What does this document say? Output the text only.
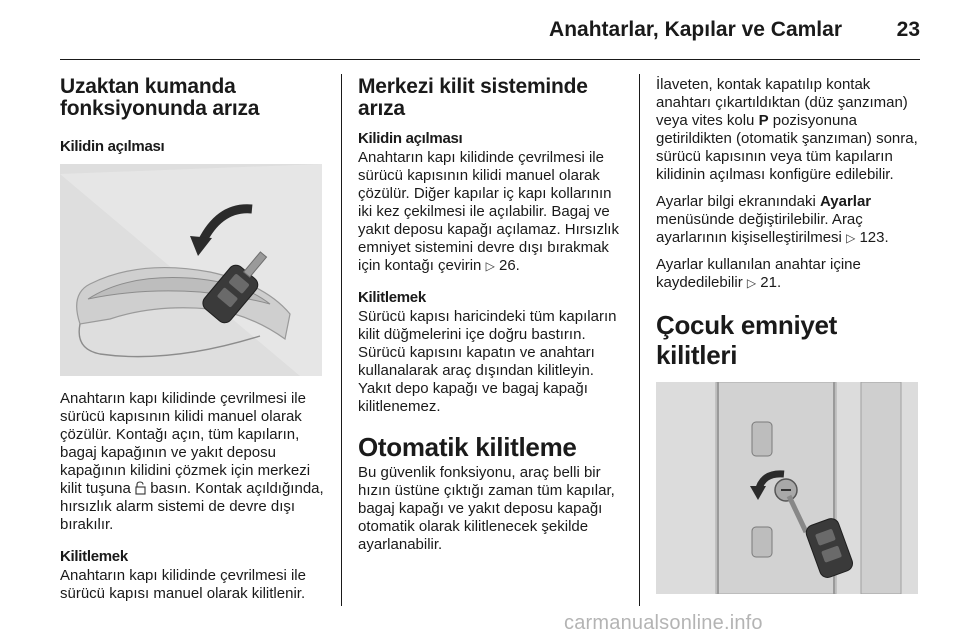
Anahtarlar, Kapılar ve Camlar	23
Uzaktan kumanda fonksiyonunda arıza
Kilidin açılması

Anahtarın kapı kilidinde çevrilmesi ile sürücü kapısının kilidi manuel olarak çözülür. Kontağı açın, tüm kapıların, bagaj kapağının ve yakıt deposu kapağının kilidini çözmek için merkezi kilit tuşuna basın. Kontak açıldığında, hırsızlık alarm sistemi de devre dışı bırakılır.

Kilitlemek

Anahtarın kapı kilidinde çevrilmesi ile sürücü kapısı manuel olarak kilitlenir.

Merkezi kilit sisteminde arıza
Kilidin açılması

Anahtarın kapı kilidinde çevrilmesi ile sürücü kapısının kilidi manuel olarak çözülür. Diğer kapılar iç kapı kollarının iki kez çekilmesi ile açılabilir. Bagaj ve yakıt deposu kapağı açılamaz. Hırsızlık emniyet sistemini devre dışı bırakmak için kontağı çevirin ▷ 26.

Kilitlemek

Sürücü kapısı haricindeki tüm kapıların kilit düğmelerini içe doğru bastırın. Sürücü kapısını kapatın ve anahtarı kullanalarak araç dışından kilitleyin. Yakıt depo kapağı ve bagaj kapağı kilitlenemez.

Otomatik kilitleme

Bu güvenlik fonksiyonu, araç belli bir hızın üstüne çıktığı zaman tüm kapılar, bagaj kapağı ve yakıt deposu kapağı otomatik olarak kilitlenecek şekilde ayarlanabilir.

İlaveten, kontak kapatılıp kontak anahtarı çıkartıldıktan (düz şanzıman) veya vites kolu P pozisyonuna getirildikten (otomatik şanzıman) sonra, sürücü kapısının veya tüm kapıların kilidinin açılması konfigüre edilebilir.

Ayarlar bilgi ekranındaki Ayarlar menüsünde değiştirilebilir. Araç ayarlarının kişiselleştirilmesi ▷ 123.

Ayarlar kullanılan anahtar içine kaydedilebilir ▷ 21.

Çocuk emniyet kilitleri
carmanualsonline.info
